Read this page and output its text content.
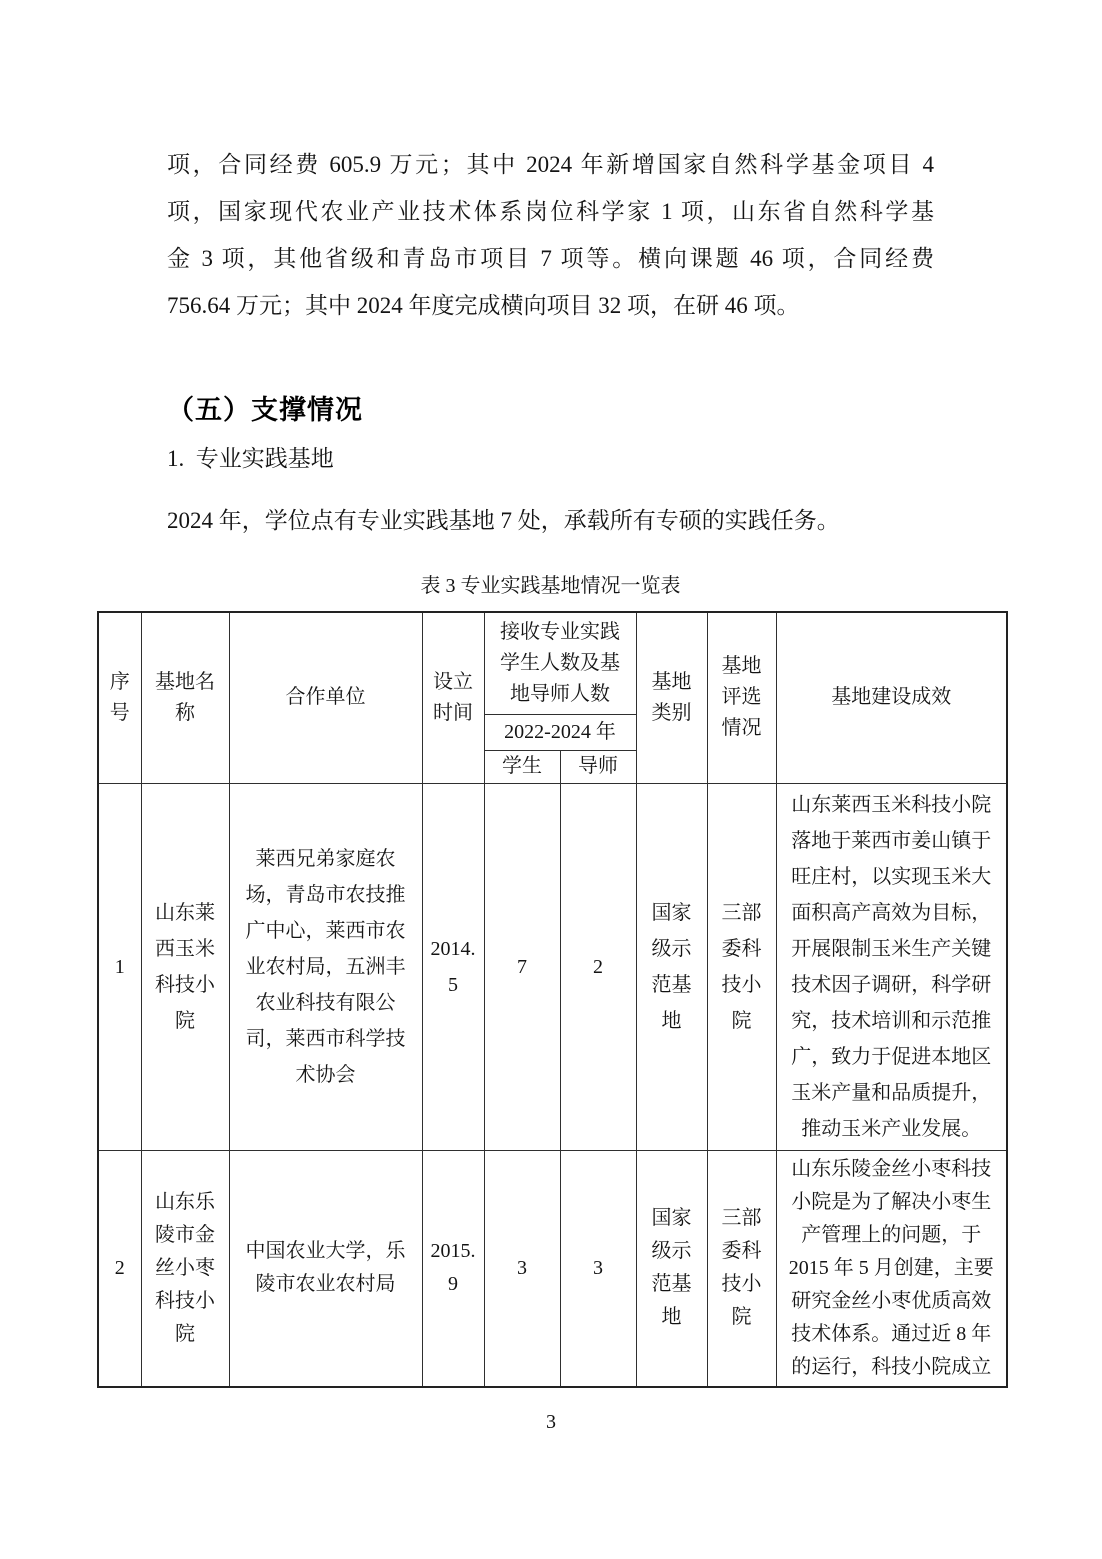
项，合同经费 605.9 万元；其中 2024 年新增国家自然科学基金项目 4
项，国家现代农业产业技术体系岗位科学家 1 项，山东省自然科学基
金 3 项，其他省级和青岛市项目 7 项等。横向课题 46 项，合同经费
756.64 万元；其中 2024 年度完成横向项目 32 项，在研 46 项。
（五）支撑情况
1.  专业实践基地
2024 年，学位点有专业实践基地 7 处，承载所有专硕的实践任务。
表 3 专业实践基地情况一览表
序号	基地名称	合作单位	设立时间	接收专业实践学生人数及基地导师人数		基地类别	基地评选情况	基地建设成效
				2022-2024 年				
				学生	导师			
1	山东莱西玉米科技小院	莱西兄弟家庭农场，青岛市农技推广中心，莱西市农业农村局，五洲丰农业科技有限公司，莱西市科学技术协会	2014.5	7	2	国家级示范基地	三部委科技小院	山东莱西玉米科技小院落地于莱西市姜山镇于旺庄村，以实现玉米大面积高产高效为目标，开展限制玉米生产关键技术因子调研，科学研究，技术培训和示范推广，致力于促进本地区玉米产量和品质提升，推动玉米产业发展。
2	山东乐陵市金丝小枣科技小院	中国农业大学，乐陵市农业农村局	2015.9	3	3	国家级示范基地	三部委科技小院	山东乐陵金丝小枣科技小院是为了解决小枣生产管理上的问题，于 2015 年 5 月创建，主要研究金丝小枣优质高效技术体系。通过近 8 年的运行，科技小院成立
3
